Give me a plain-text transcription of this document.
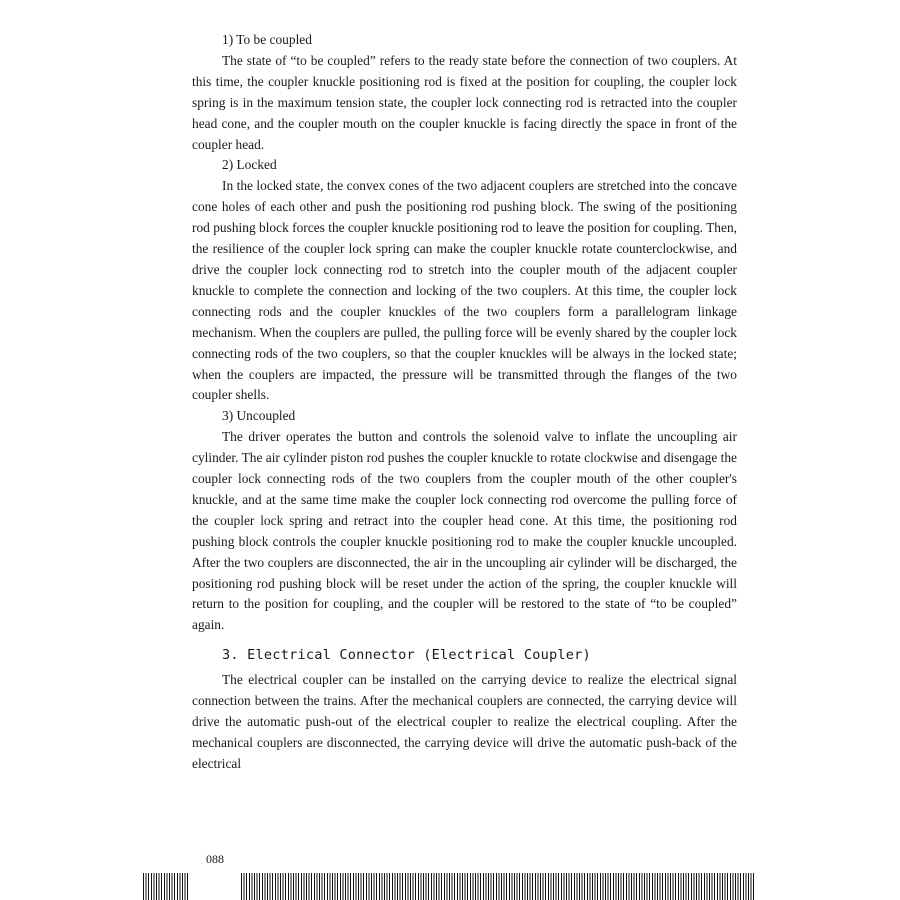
1) To be coupled

The state of “to be coupled” refers to the ready state before the connection of two couplers. At this time, the coupler knuckle positioning rod is fixed at the position for coupling, the coupler lock spring is in the maximum tension state, the coupler lock connecting rod is retracted into the coupler head cone, and the coupler mouth on the coupler knuckle is facing directly the space in front of the coupler head.

2) Locked

In the locked state, the convex cones of the two adjacent couplers are stretched into the concave cone holes of each other and push the positioning rod pushing block. The swing of the positioning rod pushing block forces the coupler knuckle positioning rod to leave the position for coupling. Then, the resilience of the coupler lock spring can make the coupler knuckle rotate counterclockwise, and drive the coupler lock connecting rod to stretch into the coupler mouth of the adjacent coupler knuckle to complete the connection and locking of the two couplers. At this time, the coupler lock connecting rods and the coupler knuckles of the two couplers form a parallelogram linkage mechanism. When the couplers are pulled, the pulling force will be evenly shared by the coupler lock connecting rods of the two couplers, so that the coupler knuckles will be always in the locked state; when the couplers are impacted, the pressure will be transmitted through the flanges of the two coupler shells.

3) Uncoupled

The driver operates the button and controls the solenoid valve to inflate the uncoupling air cylinder. The air cylinder piston rod pushes the coupler knuckle to rotate clockwise and disengage the coupler lock connecting rods of the two couplers from the coupler mouth of the other coupler's knuckle, and at the same time make the coupler lock connecting rod overcome the pulling force of the coupler lock spring and retract into the coupler head cone. At this time, the positioning rod pushing block controls the coupler knuckle positioning rod to make the coupler knuckle uncoupled. After the two couplers are disconnected, the air in the uncoupling air cylinder will be discharged, the positioning rod pushing block will be reset under the action of the spring, the coupler knuckle will return to the position for coupling, and the coupler will be restored to the state of “to be coupled” again.

3. Electrical Connector (Electrical Coupler)

The electrical coupler can be installed on the carrying device to realize the electrical signal connection between the trains. After the mechanical couplers are connected, the carrying device will drive the automatic push-out of the electrical coupler to realize the electrical coupling. After the mechanical couplers are disconnected, the carrying device will drive the automatic push-back of the electrical

088
